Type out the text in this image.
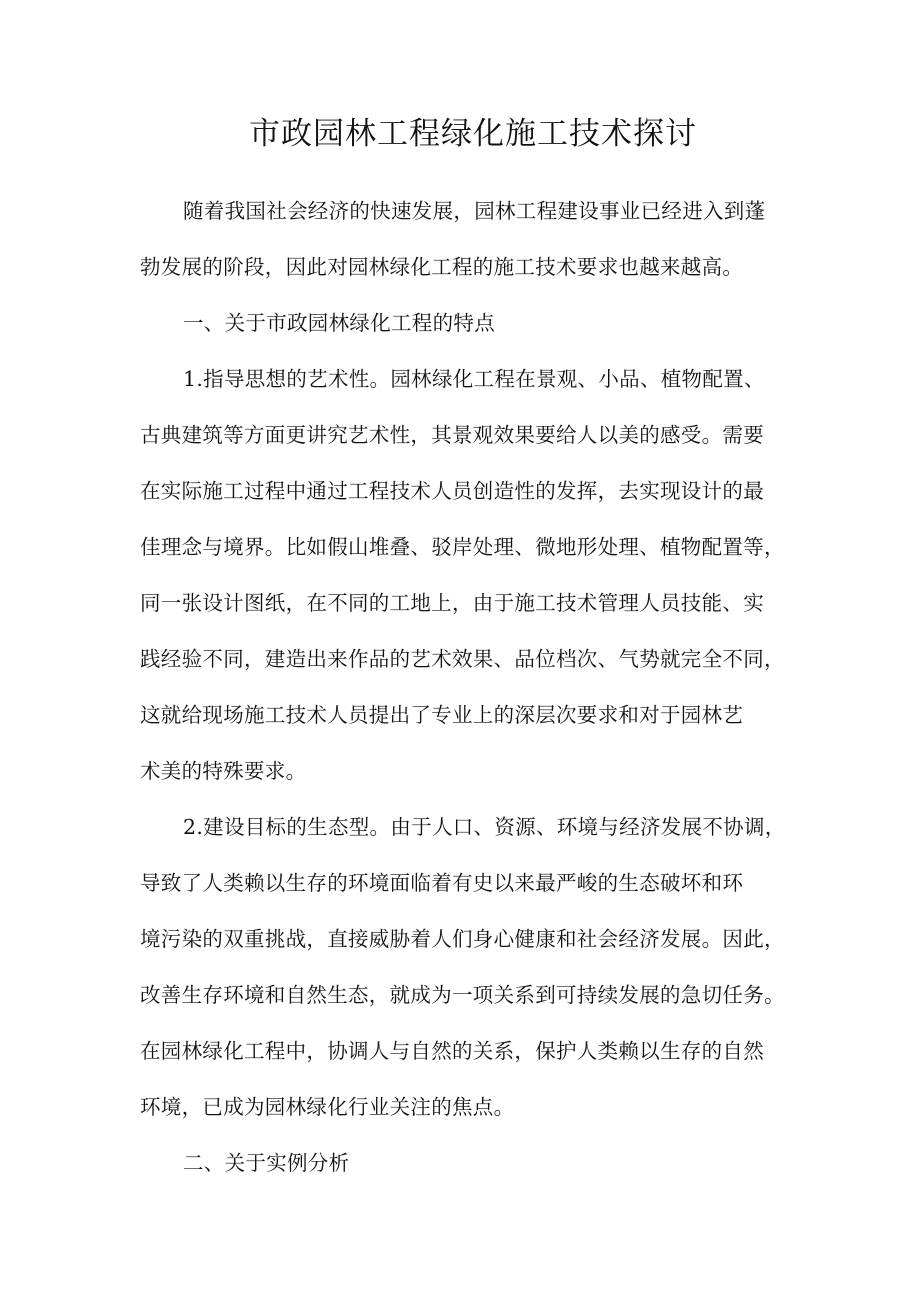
市政园林工程绿化施工技术探讨
随着我国社会经济的快速发展，园林工程建设事业已经进入到蓬
勃发展的阶段，因此对园林绿化工程的施工技术要求也越来越高。
一、关于市政园林绿化工程的特点
1.指导思想的艺术性。园林绿化工程在景观、小品、植物配置、
古典建筑等方面更讲究艺术性，其景观效果要给人以美的感受。需要
在实际施工过程中通过工程技术人员创造性的发挥，去实现设计的最
佳理念与境界。比如假山堆叠、驳岸处理、微地形处理、植物配置等，
同一张设计图纸，在不同的工地上，由于施工技术管理人员技能、实
践经验不同，建造出来作品的艺术效果、品位档次、气势就完全不同，
这就给现场施工技术人员提出了专业上的深层次要求和对于园林艺
术美的特殊要求。
2.建设目标的生态型。由于人口、资源、环境与经济发展不协调，
导致了人类赖以生存的环境面临着有史以来最严峻的生态破坏和环
境污染的双重挑战，直接威胁着人们身心健康和社会经济发展。因此，
改善生存环境和自然生态，就成为一项关系到可持续发展的急切任务。
在园林绿化工程中，协调人与自然的关系，保护人类赖以生存的自然
环境，已成为园林绿化行业关注的焦点。
二、关于实例分析
